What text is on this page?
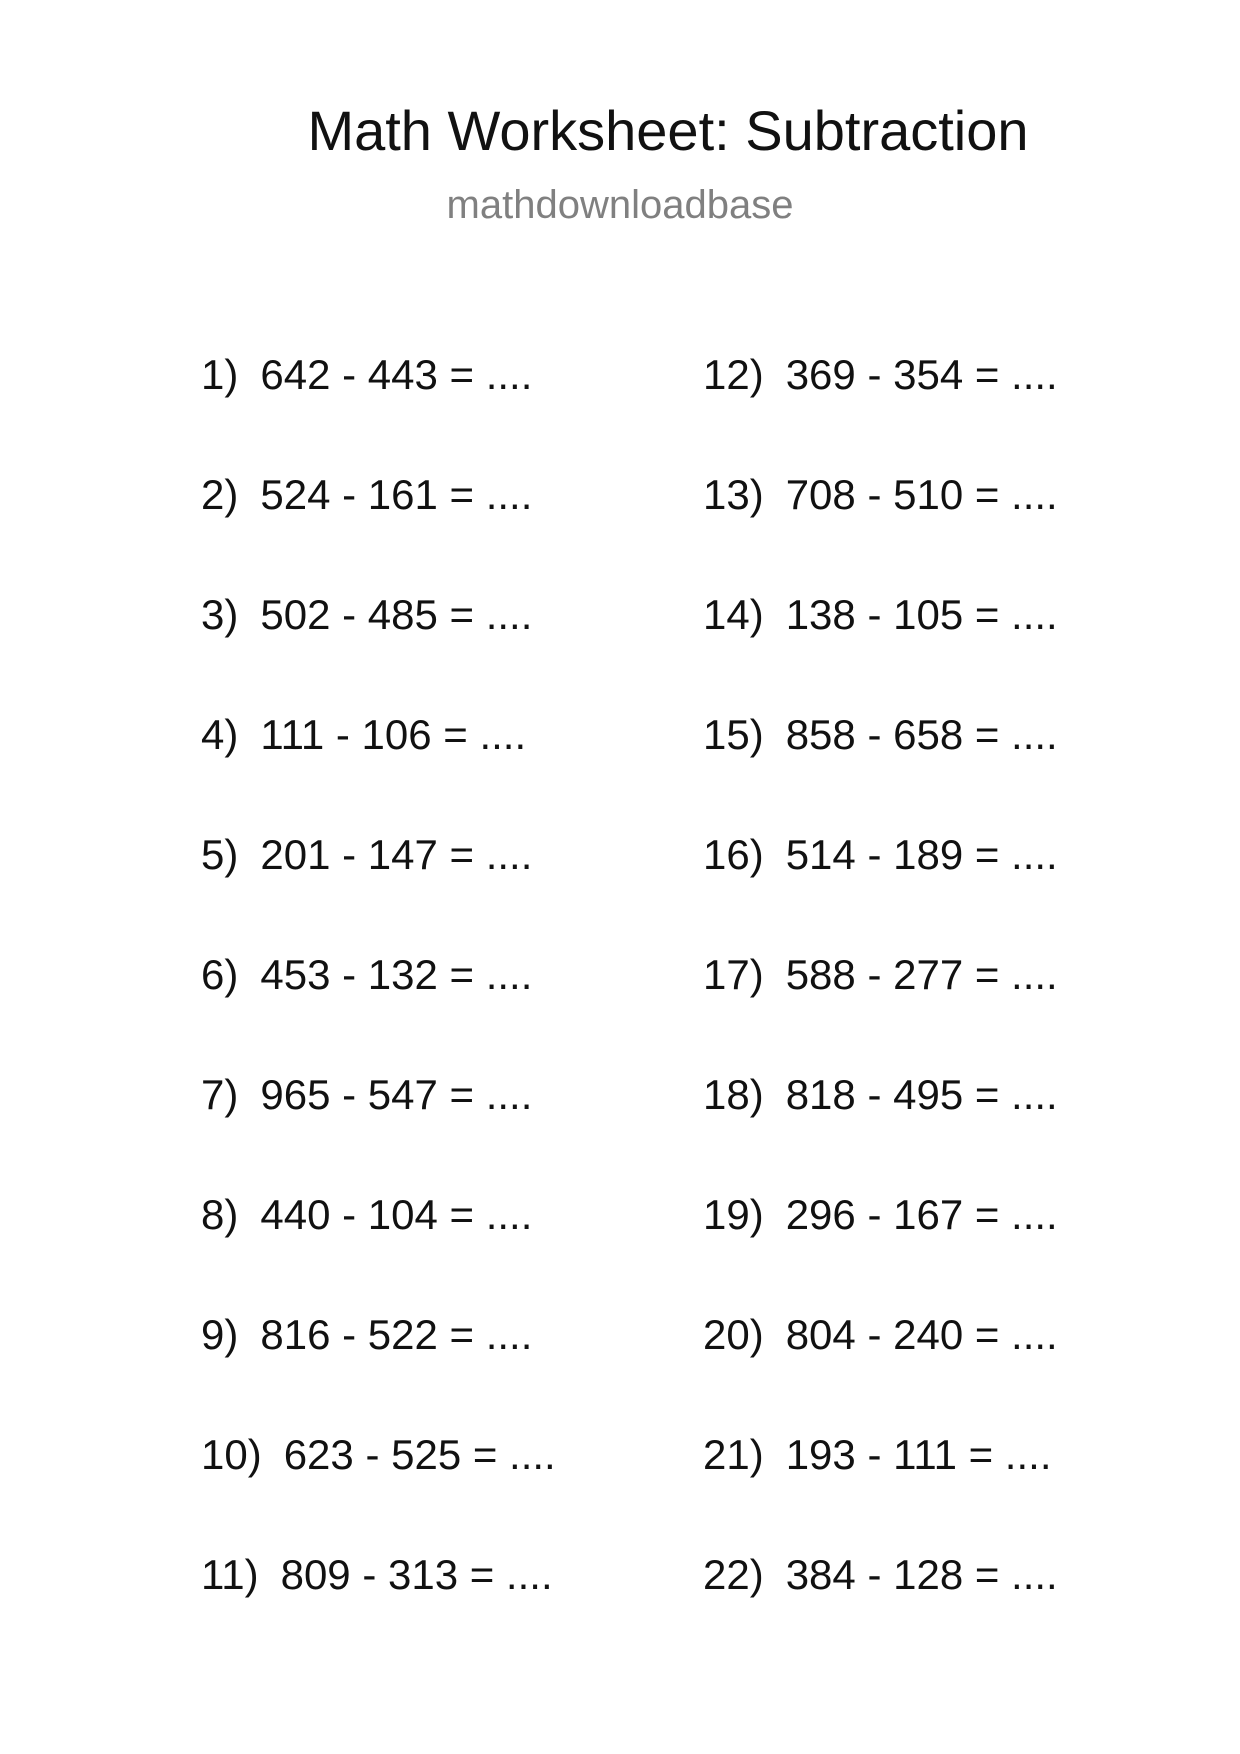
Math Worksheet: Subtraction
mathdownloadbase
1) 642 - 443 = ....
2) 524 - 161 = ....
3) 502 - 485 = ....
4) 111 - 106 = ....
5) 201 - 147 = ....
6) 453 - 132 = ....
7) 965 - 547 = ....
8) 440 - 104 = ....
9) 816 - 522 = ....
10) 623 - 525 = ....
11) 809 - 313 = ....
12) 369 - 354 = ....
13) 708 - 510 = ....
14) 138 - 105 = ....
15) 858 - 658 = ....
16) 514 - 189 = ....
17) 588 - 277 = ....
18) 818 - 495 = ....
19) 296 - 167 = ....
20) 804 - 240 = ....
21) 193 - 111 = ....
22) 384 - 128 = ....
